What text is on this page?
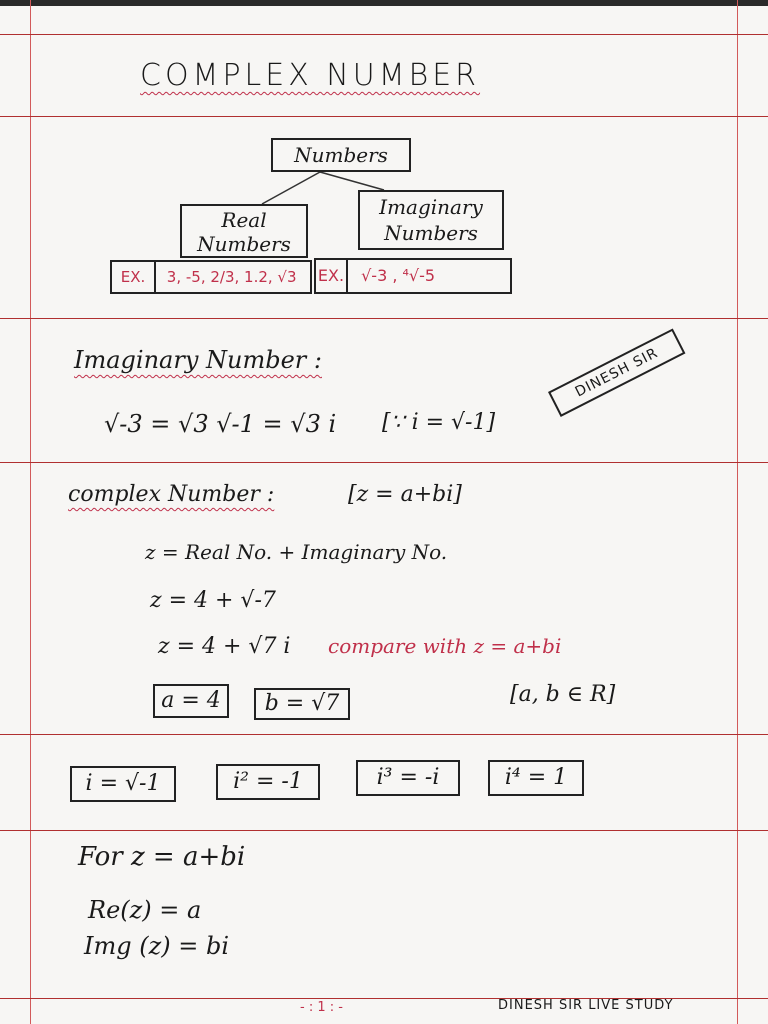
COMPLEX NUMBER
Numbers
Real
Numbers
Imaginary
Numbers
EX. 3, -5, 2/3, 1.2, √3	EX. √-3 , ⁴√-5
Imaginary Number :
√-3 = √3 √-1 = √3 i [∵ i = √-1]
DINESH SIR
complex Number :	[z = a+bi]
z = Real No. + Imaginary No.
z = 4 + √-7
z = 4 + √7 i compare with z = a+bi
a = 4	b = √7	[a, b ∈ R]
i = √-1	i² = -1	i³ = -i	i⁴ = 1
For z = a+bi
Re(z) = a
Img (z) = bi
- : 1 : -	DINESH SIR LIVE STUDY
